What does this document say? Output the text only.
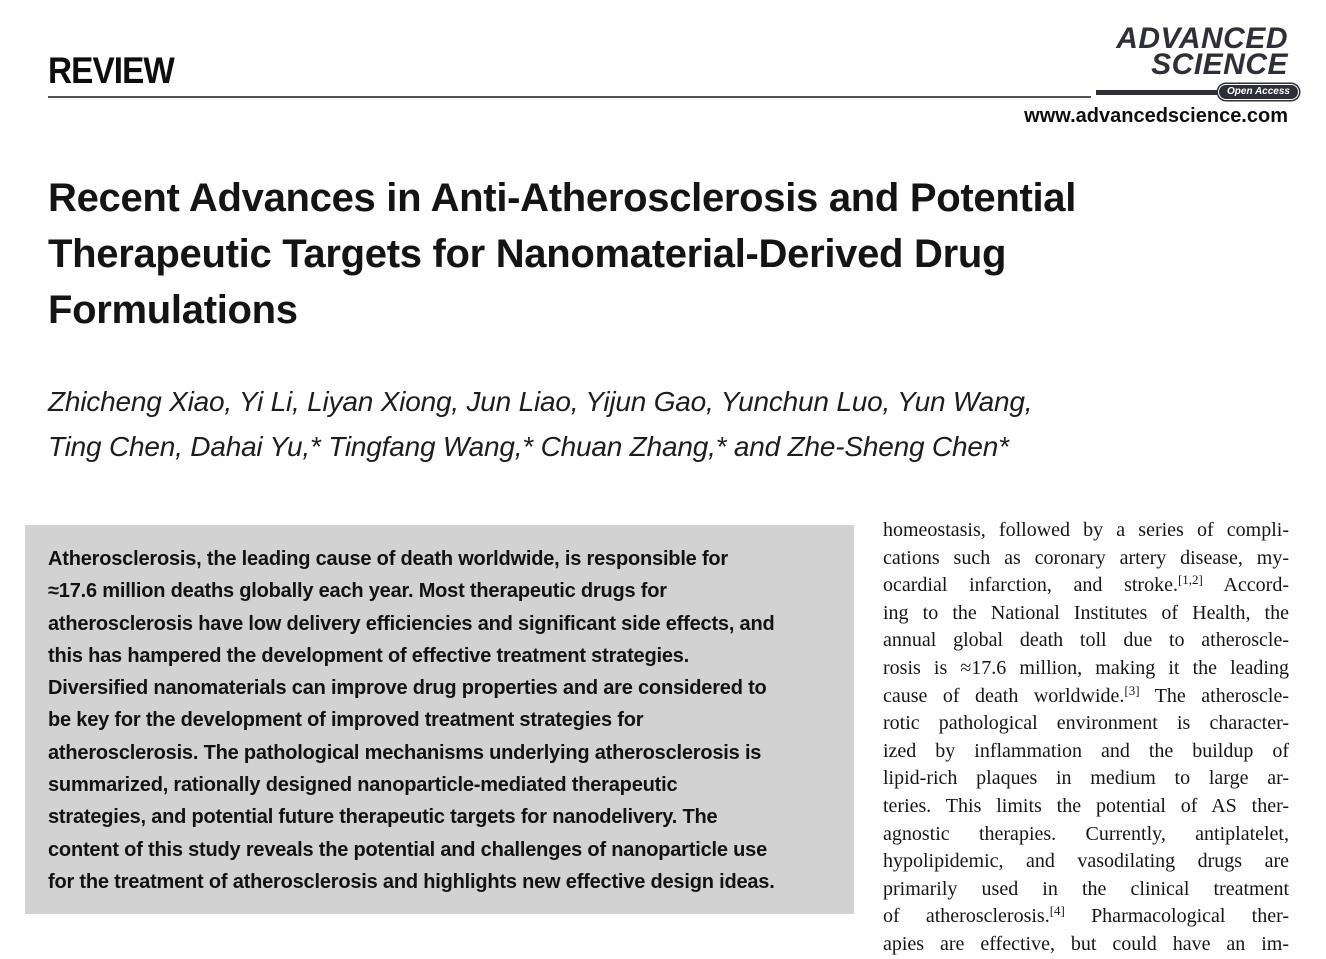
REVIEW
ADVANCED
SCIENCE
Open Access
www.advancedscience.com
Recent Advances in Anti-Atherosclerosis and Potential
Therapeutic Targets for Nanomaterial-Derived Drug
Formulations
Zhicheng Xiao, Yi Li, Liyan Xiong, Jun Liao, Yijun Gao, Yunchun Luo, Yun Wang,
Ting Chen, Dahai Yu,* Tingfang Wang,* Chuan Zhang,* and Zhe-Sheng Chen*
Atherosclerosis, the leading cause of death worldwide, is responsible for
≈17.6 million deaths globally each year. Most therapeutic drugs for
atherosclerosis have low delivery efficiencies and significant side effects, and
this has hampered the development of effective treatment strategies.
Diversified nanomaterials can improve drug properties and are considered to
be key for the development of improved treatment strategies for
atherosclerosis. The pathological mechanisms underlying atherosclerosis is
summarized, rationally designed nanoparticle-mediated therapeutic
strategies, and potential future therapeutic targets for nanodelivery. The
content of this study reveals the potential and challenges of nanoparticle use
for the treatment of atherosclerosis and highlights new effective design ideas.
homeostasis, followed by a series of compli-
cations such as coronary artery disease, my-
ocardial infarction, and stroke.[1,2] Accord-
ing to the National Institutes of Health, the
annual global death toll due to atheroscle-
rosis is ≈17.6 million, making it the leading
cause of death worldwide.[3] The atheroscle-
rotic pathological environment is character-
ized by inflammation and the buildup of
lipid-rich plaques in medium to large ar-
teries. This limits the potential of AS ther-
agnostic therapies. Currently, antiplatelet,
hypolipidemic, and vasodilating drugs are
primarily used in the clinical treatment
of atherosclerosis.[4] Pharmacological ther-
apies are effective, but could have an im-
